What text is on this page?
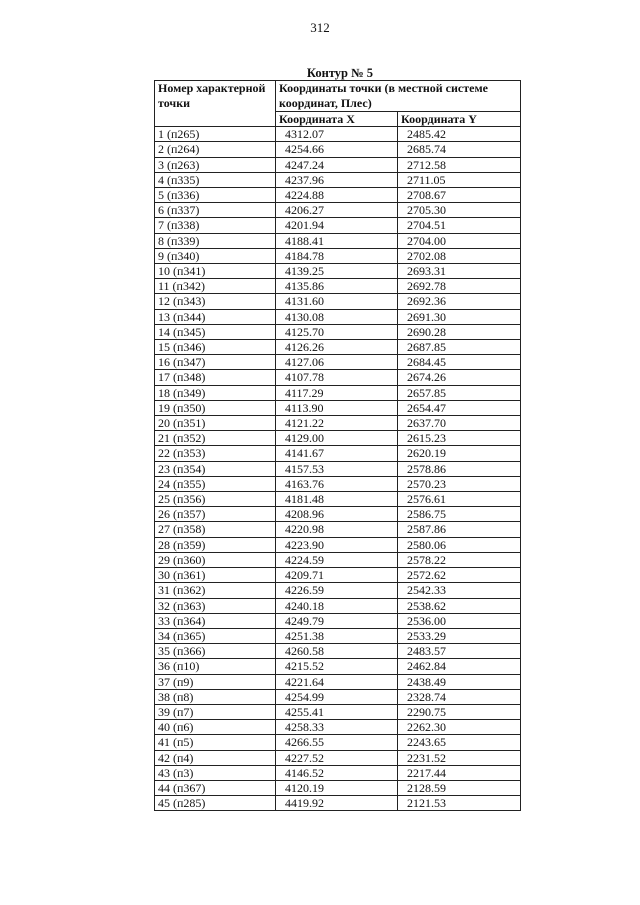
312
Контур № 5
Номер характерной точки	Координаты точки (в местной системе координат, Плес)	
	Координата X	Координата Y
1 (п265)	4312.07	2485.42
2 (п264)	4254.66	2685.74
3 (п263)	4247.24	2712.58
4 (п335)	4237.96	2711.05
5 (п336)	4224.88	2708.67
6 (п337)	4206.27	2705.30
7 (п338)	4201.94	2704.51
8 (п339)	4188.41	2704.00
9 (п340)	4184.78	2702.08
10 (п341)	4139.25	2693.31
11 (п342)	4135.86	2692.78
12 (п343)	4131.60	2692.36
13 (п344)	4130.08	2691.30
14 (п345)	4125.70	2690.28
15 (п346)	4126.26	2687.85
16 (п347)	4127.06	2684.45
17 (п348)	4107.78	2674.26
18 (п349)	4117.29	2657.85
19 (п350)	4113.90	2654.47
20 (п351)	4121.22	2637.70
21 (п352)	4129.00	2615.23
22 (п353)	4141.67	2620.19
23 (п354)	4157.53	2578.86
24 (п355)	4163.76	2570.23
25 (п356)	4181.48	2576.61
26 (п357)	4208.96	2586.75
27 (п358)	4220.98	2587.86
28 (п359)	4223.90	2580.06
29 (п360)	4224.59	2578.22
30 (п361)	4209.71	2572.62
31 (п362)	4226.59	2542.33
32 (п363)	4240.18	2538.62
33 (п364)	4249.79	2536.00
34 (п365)	4251.38	2533.29
35 (п366)	4260.58	2483.57
36 (п10)	4215.52	2462.84
37 (п9)	4221.64	2438.49
38 (п8)	4254.99	2328.74
39 (п7)	4255.41	2290.75
40 (п6)	4258.33	2262.30
41 (п5)	4266.55	2243.65
42 (п4)	4227.52	2231.52
43 (п3)	4146.52	2217.44
44 (п367)	4120.19	2128.59
45 (п285)	4419.92	2121.53
